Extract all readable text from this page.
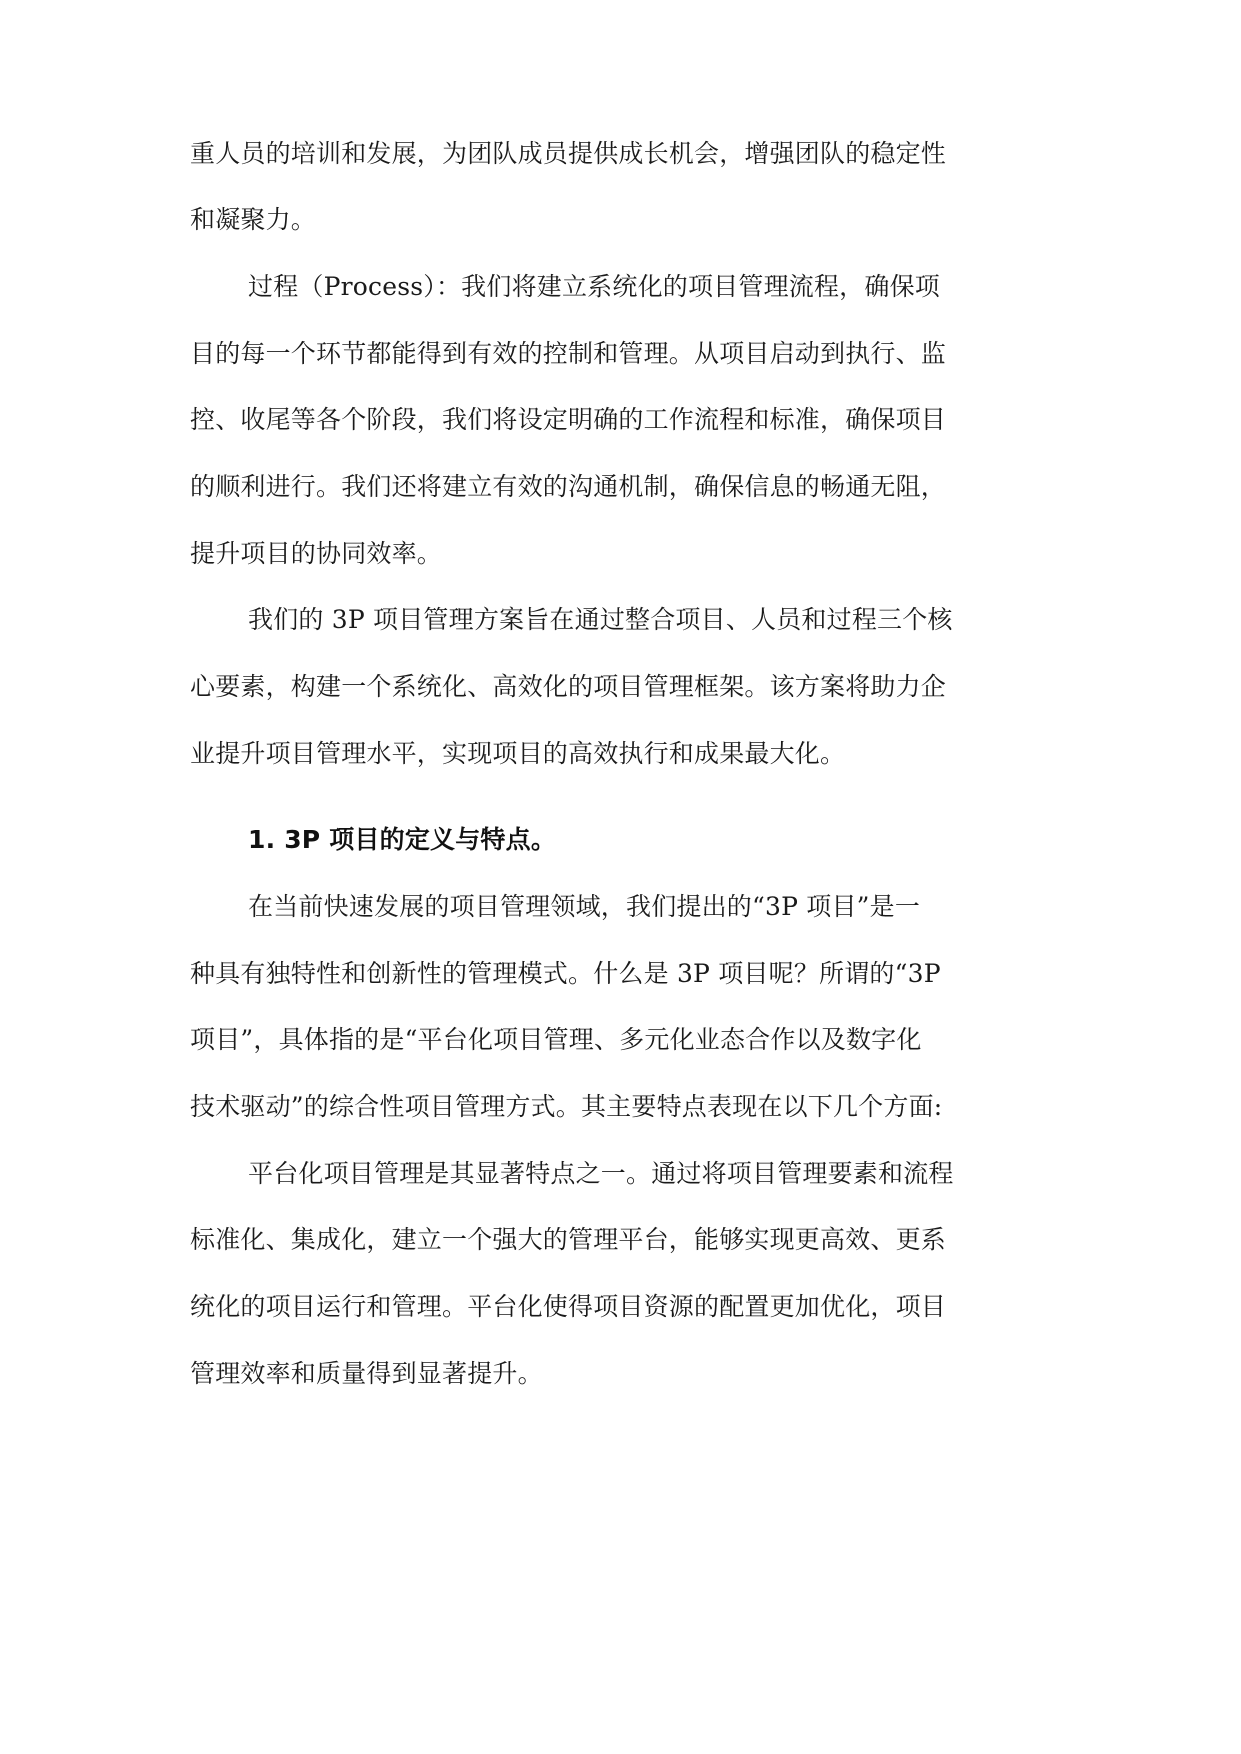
重人员的培训和发展，为团队成员提供成长机会，增强团队的稳定性
和凝聚力。
过程（Process）：我们将建立系统化的项目管理流程，确保项
目的每一个环节都能得到有效的控制和管理。从项目启动到执行、监
控、收尾等各个阶段，我们将设定明确的工作流程和标准，确保项目
的顺利进行。我们还将建立有效的沟通机制，确保信息的畅通无阻，
提升项目的协同效率。
我们的 3P 项目管理方案旨在通过整合项目、人员和过程三个核
心要素，构建一个系统化、高效化的项目管理框架。该方案将助力企
业提升项目管理水平，实现项目的高效执行和成果最大化。
1. 3P 项目的定义与特点。
在当前快速发展的项目管理领域，我们提出的“3P 项目”是一
种具有独特性和创新性的管理模式。什么是 3P 项目呢？所谓的“3P
项目”，具体指的是“平台化项目管理、多元化业态合作以及数字化
技术驱动”的综合性项目管理方式。其主要特点表现在以下几个方面:
平台化项目管理是其显著特点之一。通过将项目管理要素和流程
标准化、集成化，建立一个强大的管理平台，能够实现更高效、更系
统化的项目运行和管理。平台化使得项目资源的配置更加优化，项目
管理效率和质量得到显著提升。
